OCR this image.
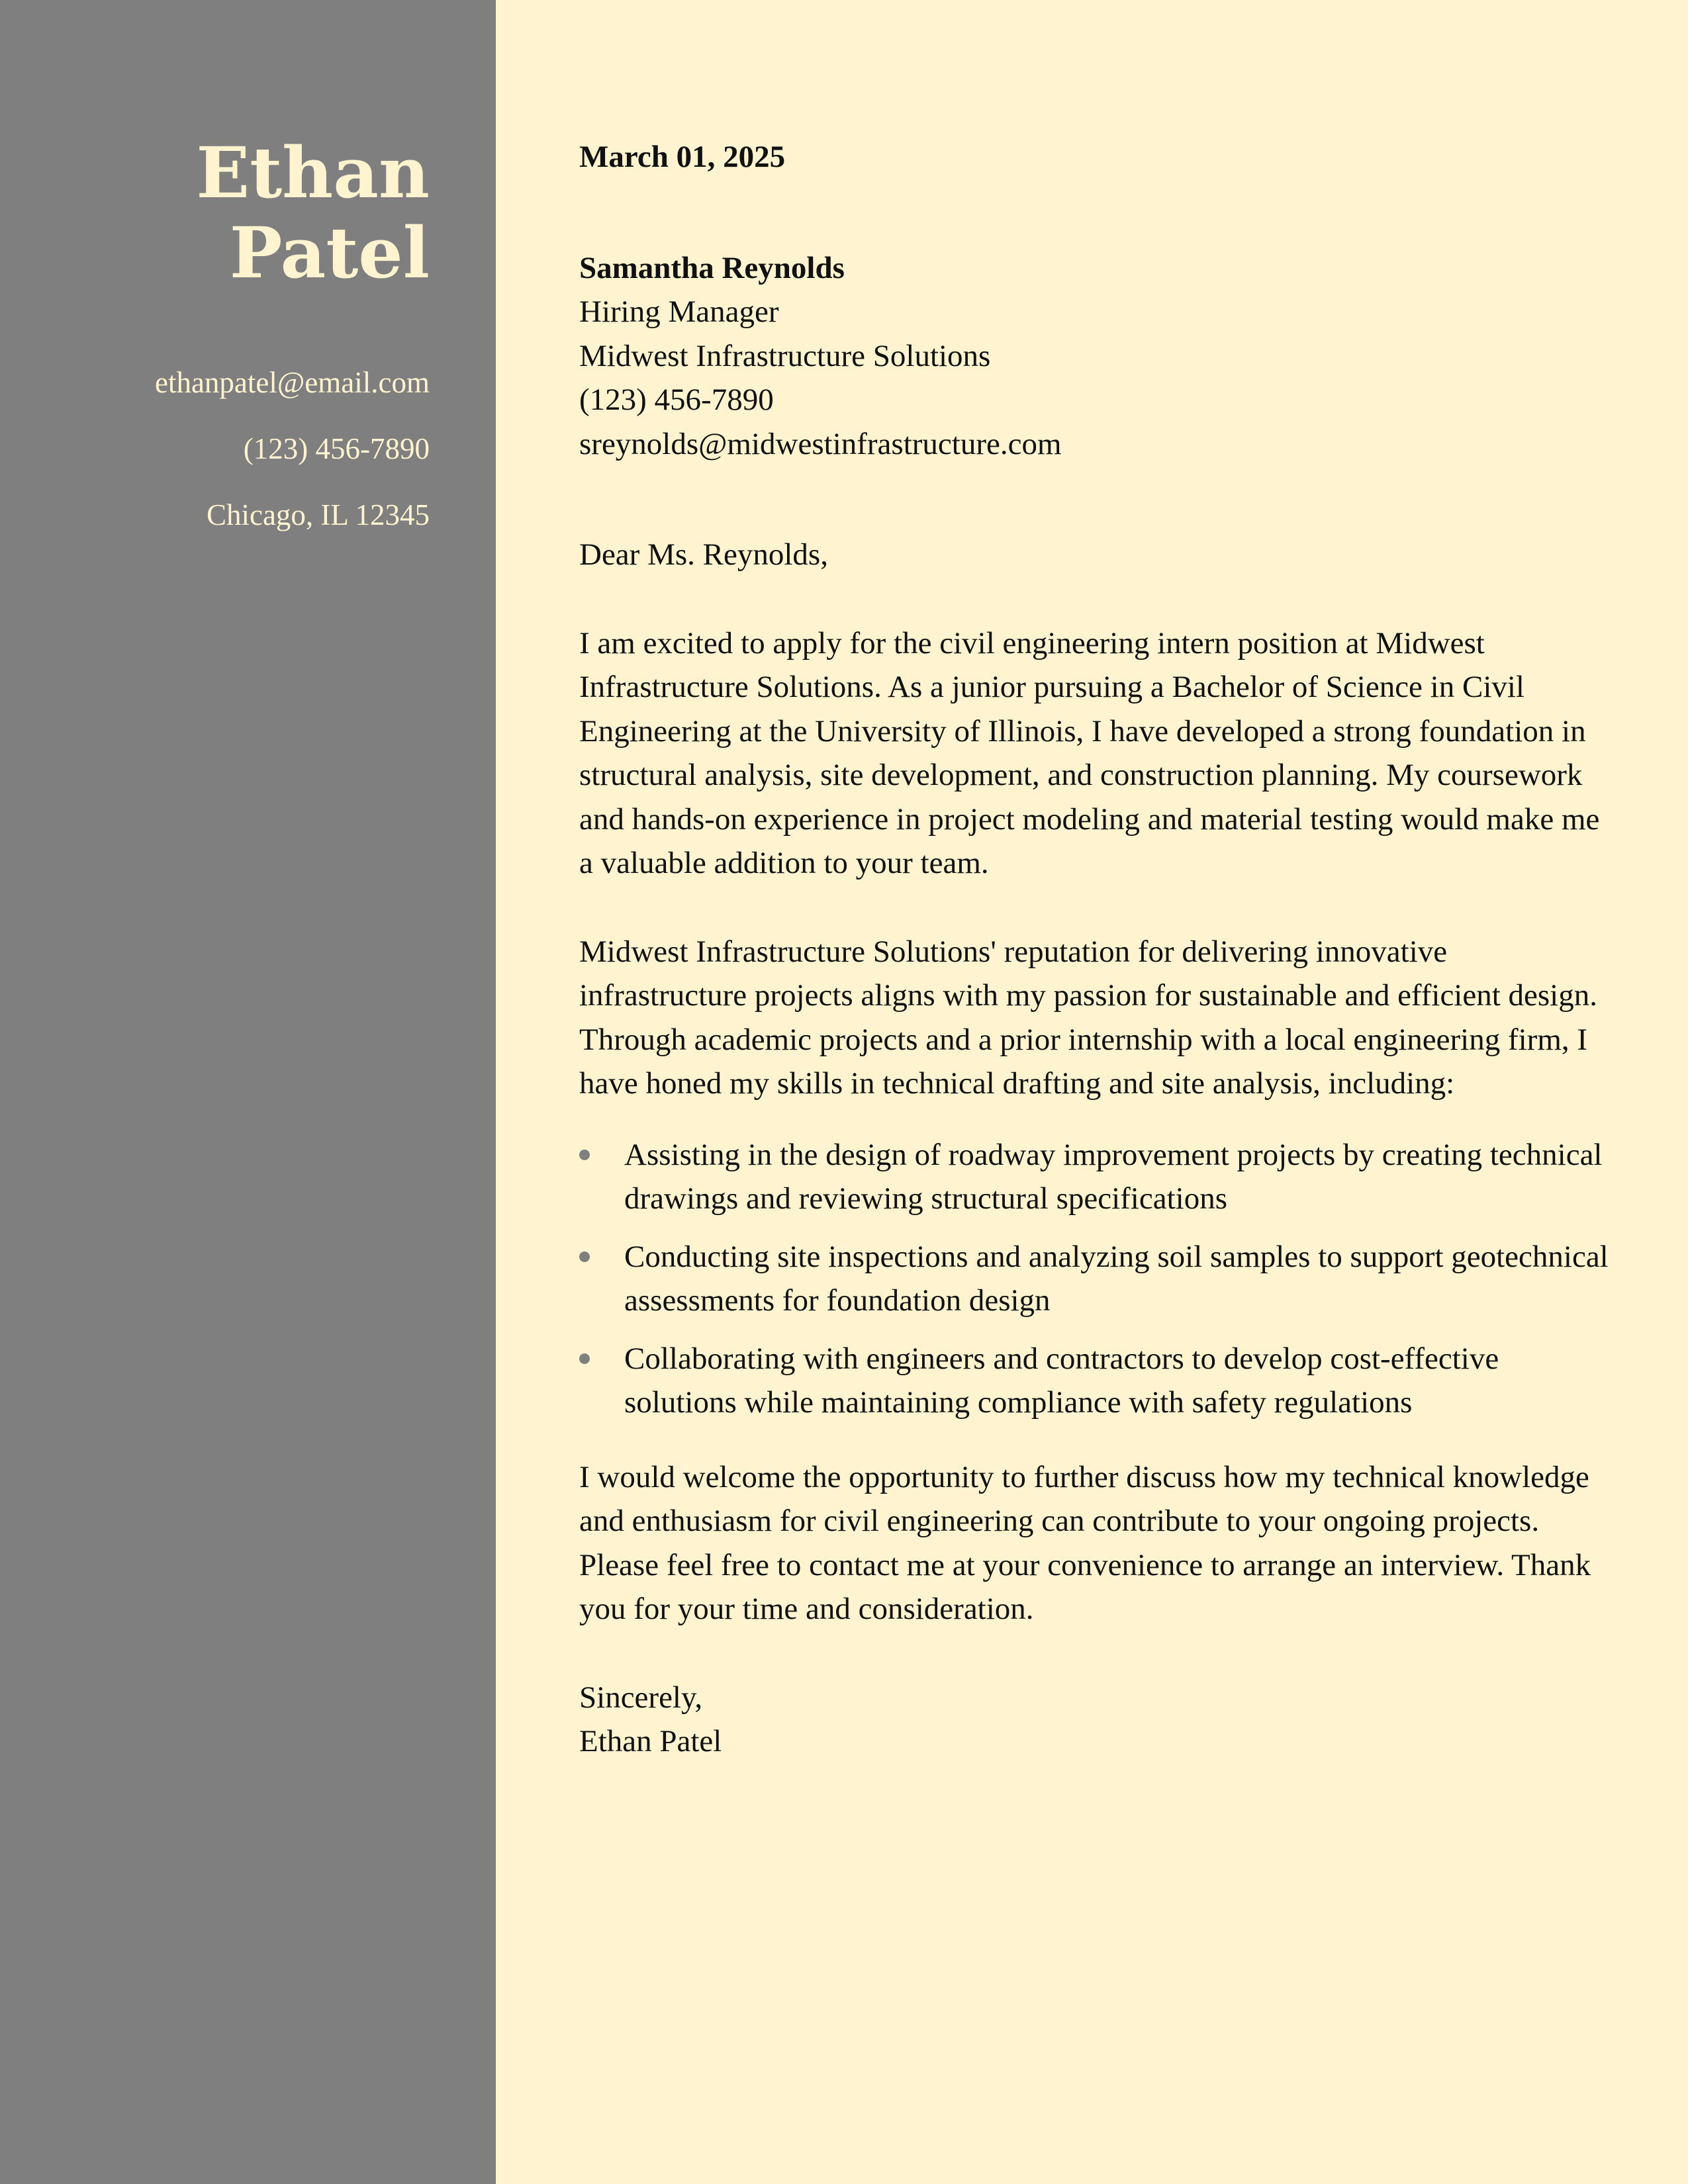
Ethan
Patel
ethanpatel@email.com
(123) 456-7890
Chicago, IL 12345
March 01, 2025
Samantha Reynolds
Hiring Manager
Midwest Infrastructure Solutions
(123) 456-7890
sreynolds@midwestinfrastructure.com
Dear Ms. Reynolds,

I am excited to apply for the civil engineering intern position at Midwest Infrastructure Solutions. As a junior pursuing a Bachelor of Science in Civil Engineering at the University of Illinois, I have developed a strong foundation in structural analysis, site development, and construction planning. My coursework and hands-on experience in project modeling and material testing would make me a valuable addition to your team.

Midwest Infrastructure Solutions' reputation for delivering innovative infrastructure projects aligns with my passion for sustainable and efficient design. Through academic projects and a prior internship with a local engineering firm, I have honed my skills in technical drafting and site analysis, including:

Assisting in the design of roadway improvement projects by creating technical drawings and reviewing structural specifications
Conducting site inspections and analyzing soil samples to support geotechnical assessments for foundation design
Collaborating with engineers and contractors to develop cost-effective solutions while maintaining compliance with safety regulations

I would welcome the opportunity to further discuss how my technical knowledge and enthusiasm for civil engineering can contribute to your ongoing projects. Please feel free to contact me at your convenience to arrange an interview. Thank you for your time and consideration.

Sincerely,
Ethan Patel
